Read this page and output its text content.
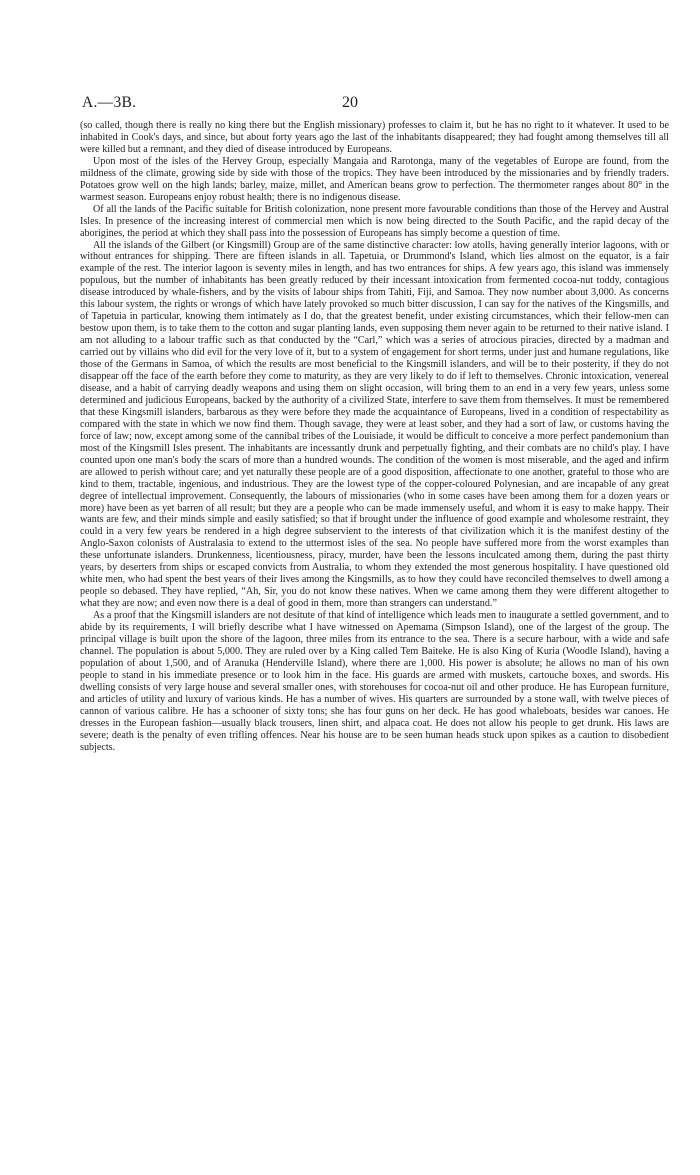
A.—3B.	20

(so called, though there is really no king there but the English missionary) professes to claim it, but he has no right to it whatever. It used to be inhabited in Cook's days, and since, but about forty years ago the last of the inhabitants disappeared; they had fought among themselves till all were killed but a remnant, and they died of disease introduced by Europeans.

Upon most of the isles of the Hervey Group, especially Mangaia and Rarotonga, many of the vegetables of Europe are found, from the mildness of the climate, growing side by side with those of the tropics. They have been introduced by the missionaries and by friendly traders. Potatoes grow well on the high lands; barley, maize, millet, and American beans grow to perfection. The thermometer ranges about 80° in the warmest season. Europeans enjoy robust health; there is no indigenous disease.

Of all the lands of the Pacific suitable for British colonization, none present more favourable conditions than those of the Hervey and Austral Isles. In presence of the increasing interest of commercial men which is now being directed to the South Pacific, and the rapid decay of the aborigines, the period at which they shall pass into the possession of Europeans has simply become a question of time.

All the islands of the Gilbert (or Kingsmill) Group are of the same distinctive character: low atolls, having generally interior lagoons, with or without entrances for shipping. There are fifteen islands in all. Tapetuia, or Drummond's Island, which lies almost on the equator, is a fair example of the rest. The interior lagoon is seventy miles in length, and has two entrances for ships. A few years ago, this island was immensely populous, but the number of inhabitants has been greatly reduced by their incessant intoxication from fermented cocoa-nut toddy, contagious disease introduced by whale-fishers, and by the visits of labour ships from Tahiti, Fiji, and Samoa. They now number about 3,000. As concerns this labour system, the rights or wrongs of which have lately provoked so much bitter discussion, I can say for the natives of the Kingsmills, and of Tapetuia in particular, knowing them intimately as I do, that the greatest benefit, under existing circumstances, which their fellow-men can bestow upon them, is to take them to the cotton and sugar planting lands, even supposing them never again to be returned to their native island. I am not alluding to a labour traffic such as that conducted by the “Carl,” which was a series of atrocious piracies, directed by a madman and carried out by villains who did evil for the very love of it, but to a system of engagement for short terms, under just and humane regulations, like those of the Germans in Samoa, of which the results are most beneficial to the Kingsmill islanders, and will be to their posterity, if they do not disappear off the face of the earth before they come to maturity, as they are very likely to do if left to themselves. Chronic intoxication, venereal disease, and a habit of carrying deadly weapons and using them on slight occasion, will bring them to an end in a very few years, unless some determined and judicious Europeans, backed by the authority of a civilized State, interfere to save them from themselves. It must be remembered that these Kingsmill islanders, barbarous as they were before they made the acquaintance of Europeans, lived in a condition of respectability as compared with the state in which we now find them. Though savage, they were at least sober, and they had a sort of law, or customs having the force of law; now, except among some of the cannibal tribes of the Louisiade, it would be difficult to conceive a more perfect pandemonium than most of the Kingsmill Isles present. The inhabitants are incessantly drunk and perpetually fighting, and their combats are no child's play. I have counted upon one man's body the scars of more than a hundred wounds. The condition of the women is most miserable, and the aged and infirm are allowed to perish without care; and yet naturally these people are of a good disposition, affectionate to one another, grateful to those who are kind to them, tractable, ingenious, and industrious. They are the lowest type of the copper-coloured Polynesian, and are incapable of any great degree of intellectual improvement. Consequently, the labours of missionaries (who in some cases have been among them for a dozen years or more) have been as yet barren of all result; but they are a people who can be made immensely useful, and whom it is easy to make happy. Their wants are few, and their minds simple and easily satisfied; so that if brought under the influence of good example and wholesome restraint, they could in a very few years be rendered in a high degree subservient to the interests of that civilization which it is the manifest destiny of the Anglo-Saxon colonists of Australasia to extend to the uttermost isles of the sea. No people have suffered more from the worst examples than these unfortunate islanders. Drunkenness, licentiousness, piracy, murder, have been the lessons inculcated among them, during the past thirty years, by deserters from ships or escaped convicts from Australia, to whom they extended the most generous hospitality. I have questioned old white men, who had spent the best years of their lives among the Kingsmills, as to how they could have reconciled themselves to dwell among a people so debased. They have replied, “Ah, Sir, you do not know these natives. When we came among them they were different altogether to what they are now; and even now there is a deal of good in them, more than strangers can understand.”

As a proof that the Kingsmill islanders are not desitute of that kind of intelligence which leads men to inaugurate a settled government, and to abide by its requirements, I will briefly describe what I have witnessed on Apemama (Simpson Island), one of the largest of the group. The principal village is built upon the shore of the lagoon, three miles from its entrance to the sea. There is a secure harbour, with a wide and safe channel. The population is about 5,000. They are ruled over by a King called Tem Baiteke. He is also King of Kuria (Woodle Island), having a population of about 1,500, and of Aranuka (Henderville Island), where there are 1,000. His power is absolute; he allows no man of his own people to stand in his immediate presence or to look him in the face. His guards are armed with muskets, cartouche boxes, and swords. His dwelling consists of very large house and several smaller ones, with storehouses for cocoa-nut oil and other produce. He has European furniture, and articles of utility and luxury of various kinds. He has a number of wives. His quarters are surrounded by a stone wall, with twelve pieces of cannon of various calibre. He has a schooner of sixty tons; she has four guns on her deck. He has good whaleboats, besides war canoes. He dresses in the European fashion—usually black trousers, linen shirt, and alpaca coat. He does not allow his people to get drunk. His laws are severe; death is the penalty of even trifling offences. Near his house are to be seen human heads stuck upon spikes as a caution to disobedient subjects.
